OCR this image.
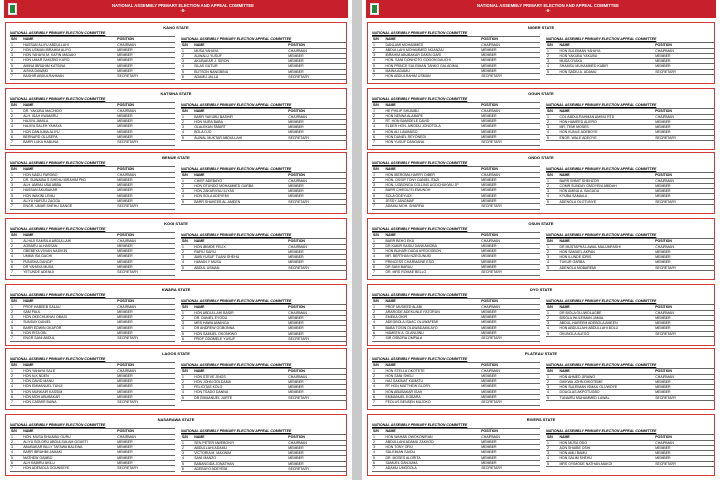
NATIONAL ASSEMBLY PRIMARY ELECTION AND APPEAL COMMITTEE
-II-
KANO STATE
NATIONAL ASSEMBLY PRIMARY ELECTION COMMITTEE
S/N	NAME	POSITION
1	HASSAN ALIYU ABDULLAHI	CHAIRMAN
2	HON USMAN IBRAHIM AUYO	MEMBER
3	HON YAHAYA M. KAFIN MADAKI	MEMBER
4	HON UMAR SAKIZBO KURO	MEMBER
5	AMINA IBRAHIM KATSINA	MEMBER
6	AISHA DAWAKI	MEMBER
7	BASHIR ABDULRAHMAN	SECRETARY
NATIONAL ASSEMBLY PRIMARY ELECTION APPEAL COMMITTEE
S/N	NAME	POSITION
1	MUSA YAHAYA	CHAIRMAN
2	AUWALU YUSUF	MEMBER
3	AKUBAKAR J. SIRON	MEMBER
4	SILAS GUTUR	MEMBER
5	BUTSON NANGBINA	MEMBER
6	ADAMU JALLA	SECRETARY
KATSINA STATE
NATIONAL ASSEMBLY PRIMARY ELECTION COMMITTEE
S/N	NAME	POSITION
1	DR. YAKUBU MACHIDO	CHAIRMAN
2	ALH. ISAH KWAMIRU	MEMBER
3	HAJIYA JAMILA	MEMBER
4	HAJIYA SALEH YAHAYA	MEMBER
5	HON DANJUMA ALIYU	MEMBER
6	BERNARD OLUSEPA	MEMBER
7	BARR LUKA HABUNA	SECRETARY
NATIONAL ASSEMBLY PRIMARY ELECTION APPEAL COMMITTEE
S/N	NAME	POSITION
1	BARR YAKUBU BASHIR	CHAIRMAN
2	HON NURA BABA	MEMBER
3	OLALEKAN SMART	MEMBER
4	BOLA OJO	MEMBER
5	AUWAL MUKTAR ABDULLAHI	SECRETARY
BENUE STATE
NATIONAL ASSEMBLY PRIMARY ELECTION COMMITTEE
S/N	NAME	POSITION
1	HON NADU FAROBO	CHAIRMAN
2	DR. SUWAIBA S SHEHU IBRAHIM PhD	MEMBER
3	ALH. AMINU UBA ABBA	MEMBER
4	HASSAN AKUBAKAR	MEMBER
5	HON WAKINI LEMU	MEMBER
6	ALIYU HAFIZU ZAGGA	MEMBER
7	ENGR. UMAR SHEHU DANGE	SECRETARY
NATIONAL ASSEMBLY PRIMARY ELECTION APPEAL COMMITTEE
S/N	NAME	POSITION
1	CHIEF ADEBAYO	CHAIRMAN
2	HON OTUNDO MOHAMMED GARBA	MEMBER
3	HON ZAKARIYAU ILIYAS	MEMBER
4	HON SOLA ADEYEMI	MEMBER
5	BARR SHAKEEB AL-AMEEN	SECRETARY
KOGI STATE
NATIONAL ASSEMBLY PRIMARY ELECTION COMMITTEE
S/N	NAME	POSITION
1	ALHAJI SAMSILA ABDULLAHI	CHAIRMAN
2	AGBARU ALHASSAN	MEMBER
3	GBEBEYA VIVIAN NADIKIN	MEMBER
4	UMMA ISA GACHI	MEMBER
5	PUNISHA DANCIP	MEMBER
6	DR YAHAYA MUSA	MEMBER
7	YETUNDE ADENIJI	SECRETARY
NATIONAL ASSEMBLY PRIMARY ELECTION APPEAL COMMITTEE
S/N	NAME	POSITION
1	HON IBIMDE FELIX	CHAIRMAN
2	RAFIU SAFIU	MEMBER
3	AMB YUSUF TUANI SHEHU	MEMBER
4	HAMAN Y MUSA	MEMBER
5	ABDUL USMAN	SECRETARY
KWARA STATE
NATIONAL ASSEMBLY PRIMARY ELECTION COMMITTEE
S/N	NAME	POSITION
1	PROF HABEEB SALAU	CHAIRMAN
2	SAM PAUL	MEMBER
3	HON OKECHUKWU OBASI	MEMBER
4	SUNDAY DANIEL	MEMBER
5	BARR EDWIN OKAFOR	MEMBER
6	HON RITA OBI	MEMBER
7	ENGR SANI ABDUL	SECRETARY
NATIONAL ASSEMBLY PRIMARY ELECTION APPEAL COMMITTEE
S/N	NAME	POSITION
1	HON ABDULLAHI BASIR	CHAIRMAN
2	DR. DANIEL EYODU	MEMBER
3	MRS HAWA AMANGA	MEMBER
4	DR ANDREW OGBONNA	MEMBER
5	HON SAMUEL OKONKWO	MEMBER
6	PROF ODOMELE YUSUF	SECRETARY
LAGOS STATE
NATIONAL ASSEMBLY PRIMARY ELECTION COMMITTEE
S/N	NAME	POSITION
1	HON YAHAYA SALE	CHAIRMAN
2	HON N.K NDEN	MEMBER
3	HON DAVID MANU	MEMBER
4	HON EMMANUEL TUNJI	MEMBER
5	HON MUNKAIR KASSIM	MEMBER
6	HON MOH ABUBAKAR	MEMBER
7	HON CASMIR BAWA	SECRETARY
NATIONAL ASSEMBLY PRIMARY ELECTION APPEAL COMMITTEE
S/N	NAME	POSITION
1	HON STEVE JINGS	CHAIRMAN
2	HON JOHN GOLDAMA	MEMBER
3	FELICITAS KOLO	MEMBER
4	HON TSADO DANNA	MEMBER
5	DR EMMANUEL JURTE	SECRETARY
NASARAWA STATE
NATIONAL ASSEMBLY PRIMARY ELECTION COMMITTEE
S/N	NAME	POSITION
1	HON. MUSA SHUAIBU GURU	CHAIRMAN
2	ALIYU BOLORU ABDULSALAM OGUETI	MEMBER
3	ABUBAKAR BILLY TAFAWA BALEWA	MEMBER
4	BARR IBRAHIM JAMAKI	MEMBER
5	MATHEW GAMBO	MEMBER
6	ALH KABIRU AKILU	MEMBER
7	HON ADEMOLA OGUNSEYE	SECRETARY
NATIONAL ASSEMBLY PRIMARY ELECTION APPEAL COMMITTEE
S/N	NAME	POSITION
1	SEN PETER NWEBONYI	CHAIRMAN
2	ABDULLAHI ADAMU	MEMBER
3	VICTORIA M. MAXWIM	MEMBER
4	SANI MANZO	MEMBER
5	BABANGIDA JONATHAN	MEMBER
6	ADEBAYO ADEYEMI	SECRETARY
NATIONAL ASSEMBLY PRIMARY ELECTION AND APPEAL COMMITTEE
-II-
NIGER STATE
NATIONAL ASSEMBLY PRIMARY ELECTION COMMITTEE
S/N	NAME	POSITION
1	DANLAMI MOHAMMED	CHAIRMAN
2	ABDULLAHI MOHAMMED NGANZAI	MEMBER
3	IBRAHIM ABUBAKAR DAKIN GARI	MEMBER
4	HON. SANI DONHOTO GOGON DAUCHI	MEMBER
5	HON PRINCE SULEIMAN TANKO GALADIMA	MEMBER
6	MAINA ADAMU	MEMBER
7	HON ABDULRAHIM USMAN	SECRETARY
NATIONAL ASSEMBLY PRIMARY ELECTION APPEAL COMMITTEE
S/N	NAME	POSITION
1	HON SULEIMAN YAHAYA	CHAIRMAN
2	HON YAKUBU YAKUBU	MEMBER
3	MUSA GYAKA	MEMBER
4	SHAMSU MUHAMMED KABIR	MEMBER
5	HON SADIU A. ADAMU	SECRETARY
OGUN STATE
NATIONAL ASSEMBLY PRIMARY ELECTION COMMITTEE
S/N	NAME	POSITION
1	HE PHILIP SHUAIBU	CHAIRMAN
2	HON NENNA ALABAPE	MEMBER
3	RT. HON BAMIDELE DAVID	MEMBER
4	ELDER HON. AWODU JONOTOLA	MEMBER
5	HON ALI LAWANSO	MEMBER
6	HON DANIEL REYONEDI	MEMBER
7	HON YUSUF DANGANA	SECRETARY
NATIONAL ASSEMBLY PRIMARY ELECTION APPEAL COMMITTEE
S/N	NAME	POSITION
1	COL ABDULRAHMAN AMINU RTD	CHAIRMAN
2	HON HAMEED ALIERO	MEMBER
3	MR. TEMI MOSES	MEMBER
4	HON KUNLE ADEBOYE	MEMBER
5	ENGR. WALE ADEOYE	SECRETARY
ONDO STATE
NATIONAL ASSEMBLY PRIMARY ELECTION COMMITTEE
S/N	NAME	POSITION
1	HON IBEROMA HARRY DIBER	CHAIRMAN
2	HON. OSSIP TONY DANIEL ITAZI	MEMBER
3	HON. UGBONGA COLLINS UGOCHUKWU JP	MEMBER
4	BARR CHIEDU ELEMUNOH	MEMBER
5	SOLA ODEYUDI	MEMBER
6	JESSY JANGMAF	MEMBER
7	ADAMU MOH. SHARFAI	SECRETARY
NATIONAL ASSEMBLY PRIMARY ELECTION APPEAL COMMITTEE
S/N	NAME	POSITION
1	BARR SHMIT SHEHZOR	CHAIRMAN
2	COMR SUNDAY OMOYENI ABIDAH	MEMBER
3	HON AMINU A. BAGUDU	MEMBER
4	KYUBA SAMAILA	MEMBER
5	ADENOLA OLOTUNYE	SECRETARY
OSUN STATE
NATIONAL ASSEMBLY PRIMARY ELECTION COMMITTEE
S/N	NAME	POSITION
1	BARR BEHO EKU	CHAIRMAN
2	DR KABIR SAIDU DANKAMOBA	MEMBER
3	HON BUHARI DADA AYEDOGBON	MEMBER
4	MR. BERTHAN NZEGUNUSI	MEMBER
5	PRINCESS CHARMAINE ESO	MEMBER
6	DR SANI BARAU	MEMBER
7	DR. MRS ROMAE BELLO	SECRETARY
NATIONAL ASSEMBLY PRIMARY ELECTION APPEAL COMMITTEE
S/N	NAME	POSITION
1	DR MUSTAPHA LAWAL MALUMFASHI	CHAIRMAN
2	HON SAMUEL AKPAN	MEMBER
3	HON ILUNDE IDRIS	MEMBER
4	TUKUR GARBA	MEMBER
5	ADENOLA MOBAREMI	SECRETARY
OYO STATE
NATIONAL ASSEMBLY PRIMARY ELECTION COMMITTEE
S/N	NAME	POSITION
1	PROF MUDEED ALABI	CHAIRMAN
2	ARARODE ADEKUNLE FATORUN	MEMBER
3	EMEKA OKIR	MEMBER
4	ADEGBOLA ISAAC OLUWAFEMI	MEMBER
5	BABA TOSIN OLUWADAMILAYO	MEMBER
6	HAMEEN A. OLANIJINU	MEMBER
7	SIR OSBORA OMPALA	SECRETARY
NATIONAL ASSEMBLY PRIMARY ELECTION APPEAL COMMITTEE
S/N	NAME	POSITION
1	DR BIOLA OLUWOLAGBE	CHAIRMAN
2	BISOLA WULEIMAN JAMAL	MEMBER
3	ABDUL-HAREEM ADEBOLA AMEEN	MEMBER
4	HON ABDULLAHI ABDULLAHI BOLU	MEMBER
5	OKUNOLA ALEGO	SECRETARY
PLATEAU STATE
NATIONAL ASSEMBLY PRIMARY ELECTION COMMITTEE
S/N	NAME	POSITION
1	HON STELLA OKOTETE	CHAIRMAN
2	HON SANI SHELI	MEMBER
3	HAJ SAKINAT KAMATU	MEMBER
4	RT HON MATTHEW GLORY	MEMBER
5	HON ABUBAKAR ISAH	MEMBER
6	EMMANUEL EGBARA	MEMBER
7	FEOLUS BENSEN MAJOKO	SECRETARY
NATIONAL ASSEMBLY PRIMARY ELECTION APPEAL COMMITTEE
S/N	NAME	POSITION
1	HON AHMED JIRAWO	CHAIRMAN
2	DIKKWA JOHN DIKOTEME	MEMBER
3	HON SULEIMAN ISMAIL OLUWOYE	MEMBER
4	DOUGLAS AKPOTUGBO	MEMBER
5	TUNAIRU MUHAMMED LAWAL	SECRETARY
RIVERS STATE
NATIONAL ASSEMBLY PRIMARY ELECTION COMMITTEE
S/N	NAME	POSITION
1	HON WAHAB OWOKONIRAN	CHAIRMAN
2	ABDULLAHI ADAMU ZAKKOD	MEMBER
3	HON TONY ORIJ	MEMBER
4	SULEIMAN SAIDU	MEMBER
5	DR. MOSES ALORITA	MEMBER
6	SAMUEL DANJUMA	MEMBER
7	ADAMU UMODOLA	SECRETARY
NATIONAL ASSEMBLY PRIMARY ELECTION APPEAL COMMITTEE
S/N	NAME	POSITION
1	HON MUSA ODO	CHAIRMAN
2	AON SHAIBE OSHI	MEMBER
3	HON AMU BAMU	MEMBER
4	HON SALIM SHEHU	MEMBER
5	MRS OYIMODE NATHAN-MAKOI	SECRETARY
